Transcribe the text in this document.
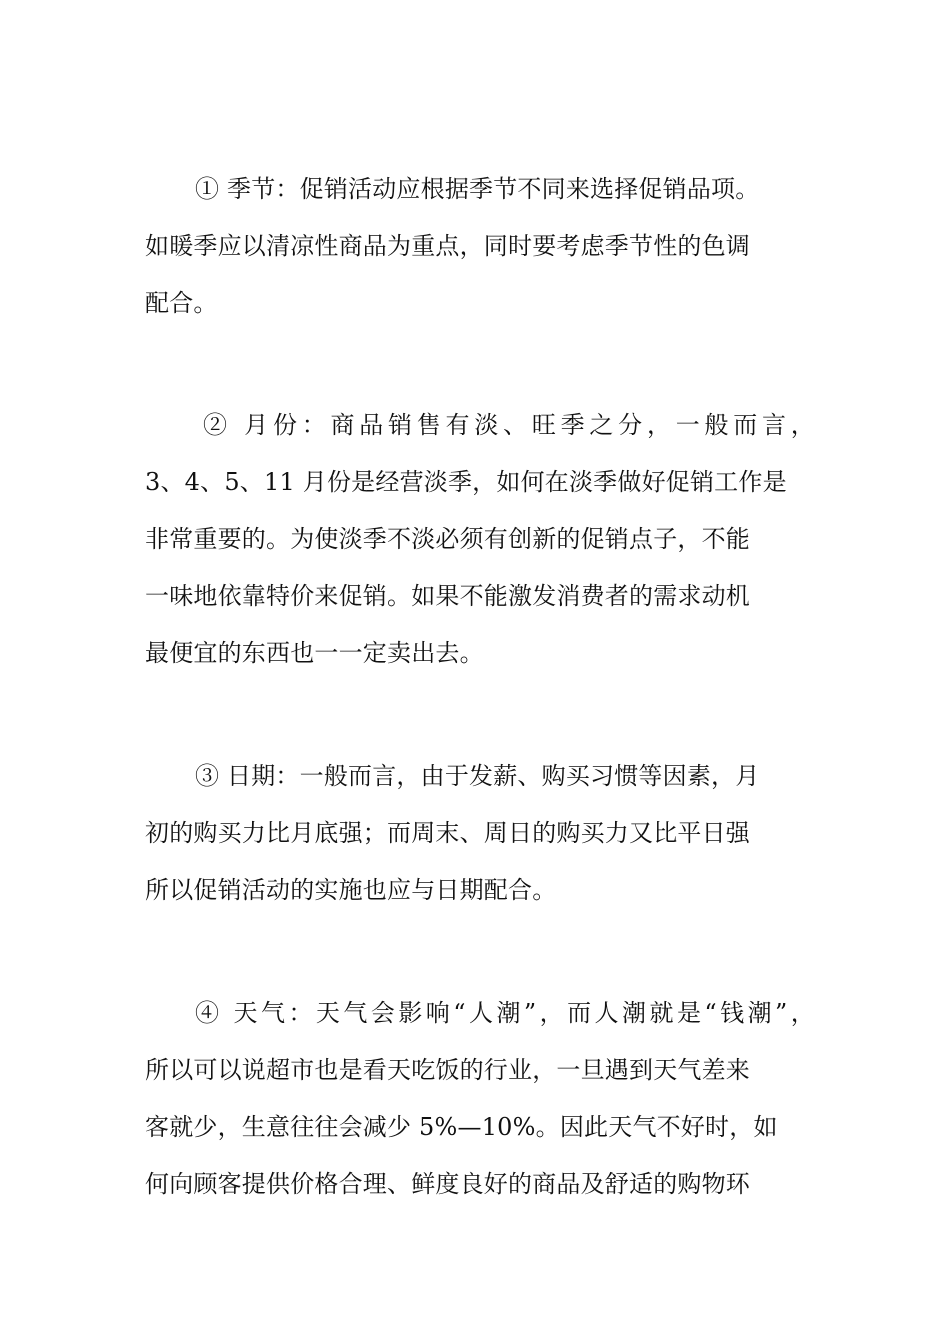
① 季节：促销活动应根据季节不同来选择促销品项。
如暖季应以清凉性商品为重点，同时要考虑季节性的色调
配合。

② 月份：商品销售有淡、旺季之分，一般而言，
3、4、5、11 月份是经营淡季，如何在淡季做好促销工作是
非常重要的。为使淡季不淡必须有创新的促销点子，不能
一味地依靠特价来促销。如果不能激发消费者的需求动机
最便宜的东西也一一定卖出去。

③ 日期：一般而言，由于发薪、购买习惯等因素，月
初的购买力比月底强；而周末、周日的购买力又比平日强
所以促销活动的实施也应与日期配合。

④ 天气：天气会影响“人潮”，而人潮就是“钱潮”，
所以可以说超市也是看天吃饭的行业，一旦遇到天气差来
客就少，生意往往会减少 5%—10%。因此天气不好时，如
何向顾客提供价格合理、鲜度良好的商品及舒适的购物环
